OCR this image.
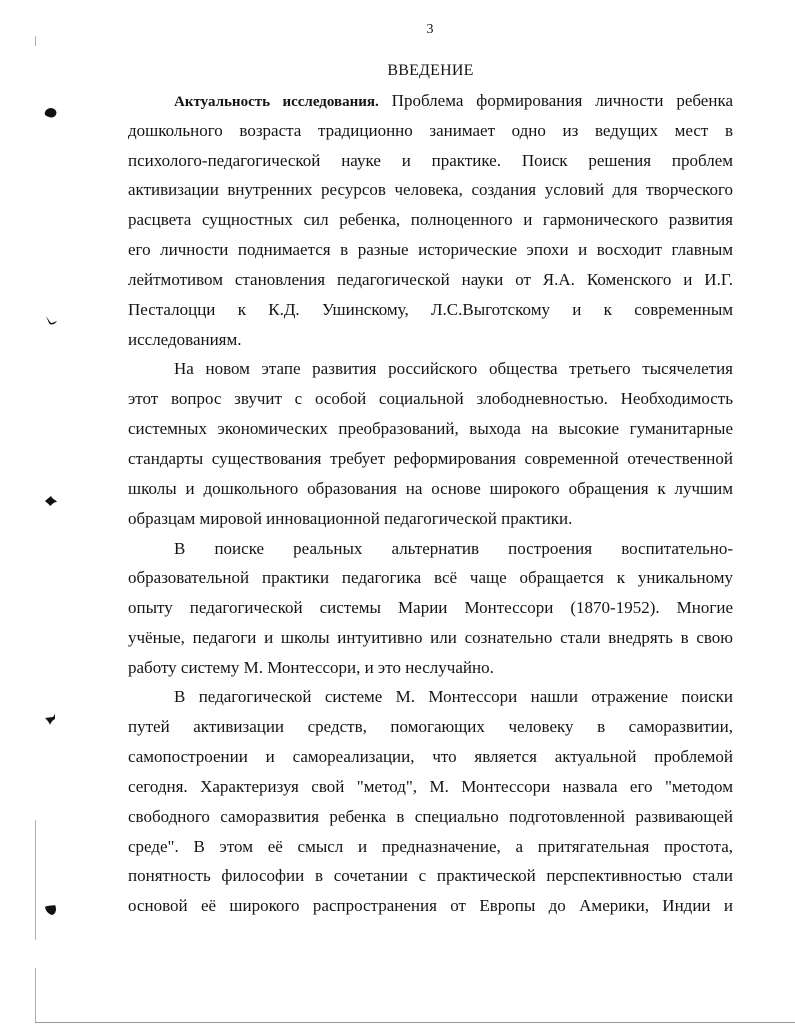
3
ВВЕДЕНИЕ
Актуальность исследования. Проблема формирования личности ребенка
дошкольного возраста традиционно занимает одно из ведущих мест в
психолого-педагогической науке и практике. Поиск решения проблем
активизации внутренних ресурсов человека, создания условий для творческого
расцвета сущностных сил ребенка, полноценного и гармонического развития
его личности поднимается в разные исторические эпохи и восходит главным
лейтмотивом становления педагогической науки от Я.А. Коменского и И.Г.
Песталоцци к К.Д. Ушинскому, Л.С.Выготскому и к современным
исследованиям.
На новом этапе развития российского общества третьего тысячелетия
этот вопрос звучит с особой социальной злободневностью. Необходимость
системных экономических преобразований, выхода на высокие гуманитарные
стандарты существования требует реформирования современной отечественной
школы и дошкольного образования на основе широкого обращения к лучшим
образцам мировой инновационной педагогической практики.
В поиске реальных альтернатив построения воспитательно-
образовательной практики педагогика всё чаще обращается к уникальному
опыту педагогической системы Марии Монтессори (1870-1952). Многие
учёные, педагоги и школы интуитивно или сознательно стали внедрять в свою
работу систему М. Монтессори, и это неслучайно.
В педагогической системе М. Монтессори нашли отражение поиски
путей активизации средств, помогающих человеку в саморазвитии,
самопостроении и самореализации, что является актуальной проблемой
сегодня. Характеризуя свой "метод", М. Монтессори назвала его "методом
свободного саморазвития ребенка в специально подготовленной развивающей
среде". В этом её смысл и предназначение, а притягательная простота,
понятность философии в сочетании с практической перспективностью стали
основой её широкого распространения от Европы до Америки, Индии и
